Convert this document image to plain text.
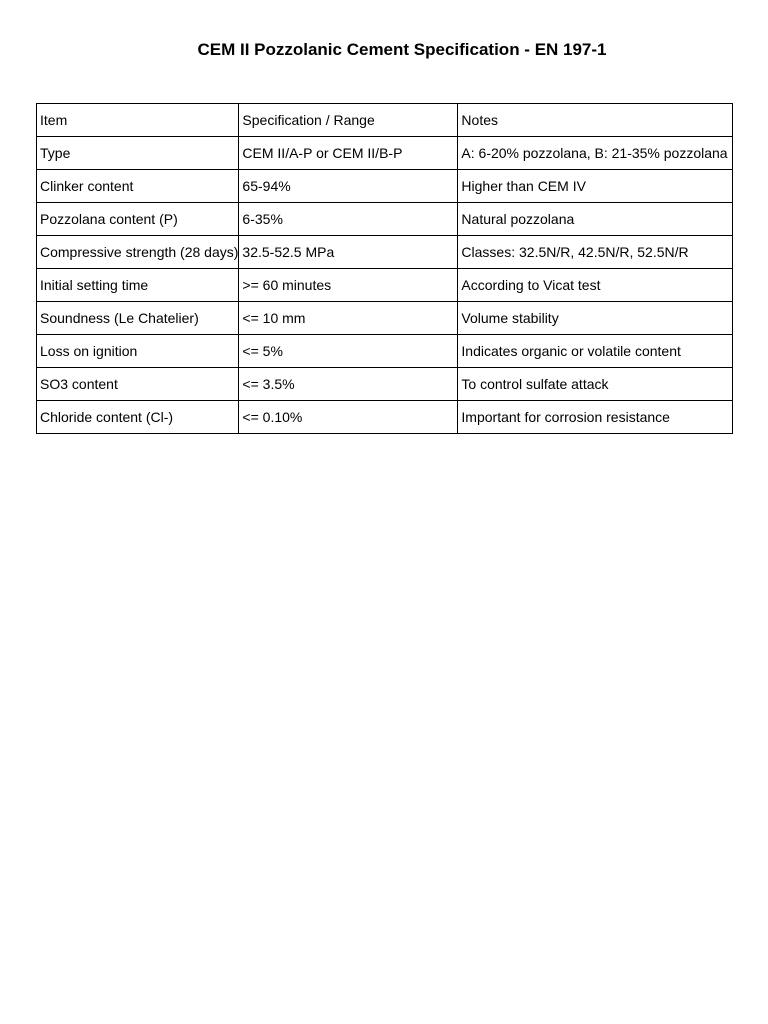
CEM II Pozzolanic Cement Specification - EN 197-1
Item	Specification / Range	Notes
Type	CEM II/A-P or CEM II/B-P	A: 6-20% pozzolana, B: 21-35% pozzolana
Clinker content	65-94%	Higher than CEM IV
Pozzolana content (P)	6-35%	Natural pozzolana
Compressive strength (28 days)	32.5-52.5 MPa	Classes: 32.5N/R, 42.5N/R, 52.5N/R
Initial setting time	>= 60 minutes	According to Vicat test
Soundness (Le Chatelier)	<= 10 mm	Volume stability
Loss on ignition	<= 5%	Indicates organic or volatile content
SO3 content	<= 3.5%	To control sulfate attack
Chloride content (Cl-)	<= 0.10%	Important for corrosion resistance
